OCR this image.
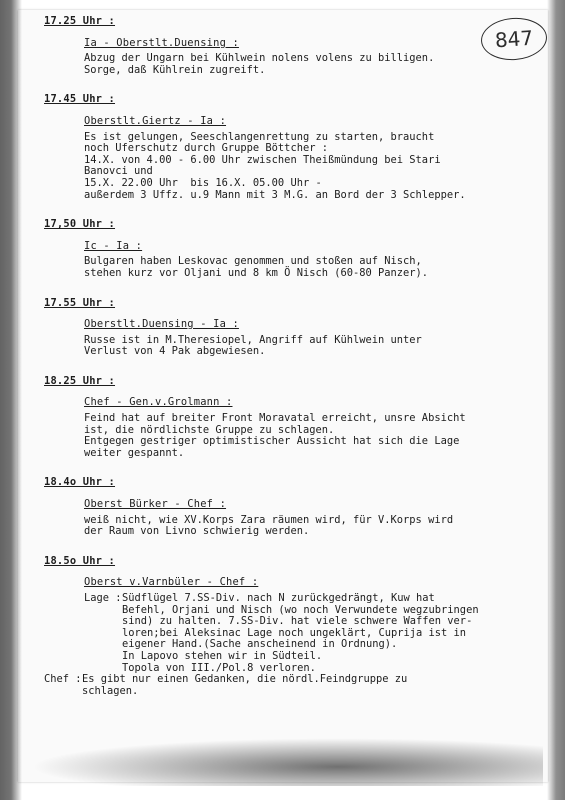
847
17.25 Uhr :
Ia - Oberstlt.Duensing :
Abzug der Ungarn bei Kühlwein nolens volens zu billigen.
Sorge, daß Kühlrein zugreift.
17.45 Uhr :
Oberstlt.Giertz - Ia :
Es ist gelungen, Seeschlangenrettung zu starten, braucht
noch Uferschutz durch Gruppe Böttcher :
14.X. von 4.00 - 6.00 Uhr zwischen Theißmündung bei Stari
Banovci und
15.X. 22.00 Uhr  bis 16.X. 05.00 Uhr -
außerdem 3 Uffz. u.9 Mann mit 3 M.G. an Bord der 3 Schlepper.
17,50 Uhr :
Ic - Ia :
Bulgaren haben Leskovac genommen und stoßen auf Nisch,
stehen kurz vor Oljani und 8 km Ö Nisch (60-80 Panzer).
17.55 Uhr :
Oberstlt.Duensing - Ia :
Russe ist in M.Theresiopel, Angriff auf Kühlwein unter
Verlust von 4 Pak abgewiesen.
18.25 Uhr :
Chef - Gen.v.Grolmann :
Feind hat auf breiter Front Moravatal erreicht, unsre Absicht
ist, die nördlichste Gruppe zu schlagen.
Entgegen gestriger optimistischer Aussicht hat sich die Lage
weiter gespannt.
18.4o Uhr :
Oberst Bürker - Chef :
weiß nicht, wie XV.Korps Zara räumen wird, für V.Korps wird
der Raum von Livno schwierig werden.
18.5o Uhr :
Oberst v.Varnbüler - Chef :
Lage : Südflügel 7.SS-Div. nach N zurückgedrängt, Kuw hat
Befehl, Orjani und Nisch (wo noch Verwundete wegzubringen
sind) zu halten. 7.SS-Div. hat viele schwere Waffen ver-
loren;bei Aleksinac Lage noch ungeklärt, Cuprija ist in
eigener Hand.(Sache anscheinend in Ordnung).
In Lapovo stehen wir in Südteil.
Topola von III./Pol.8 verloren.
Chef : Es gibt nur einen Gedanken, die nördl.Feindgruppe zu
schlagen.
